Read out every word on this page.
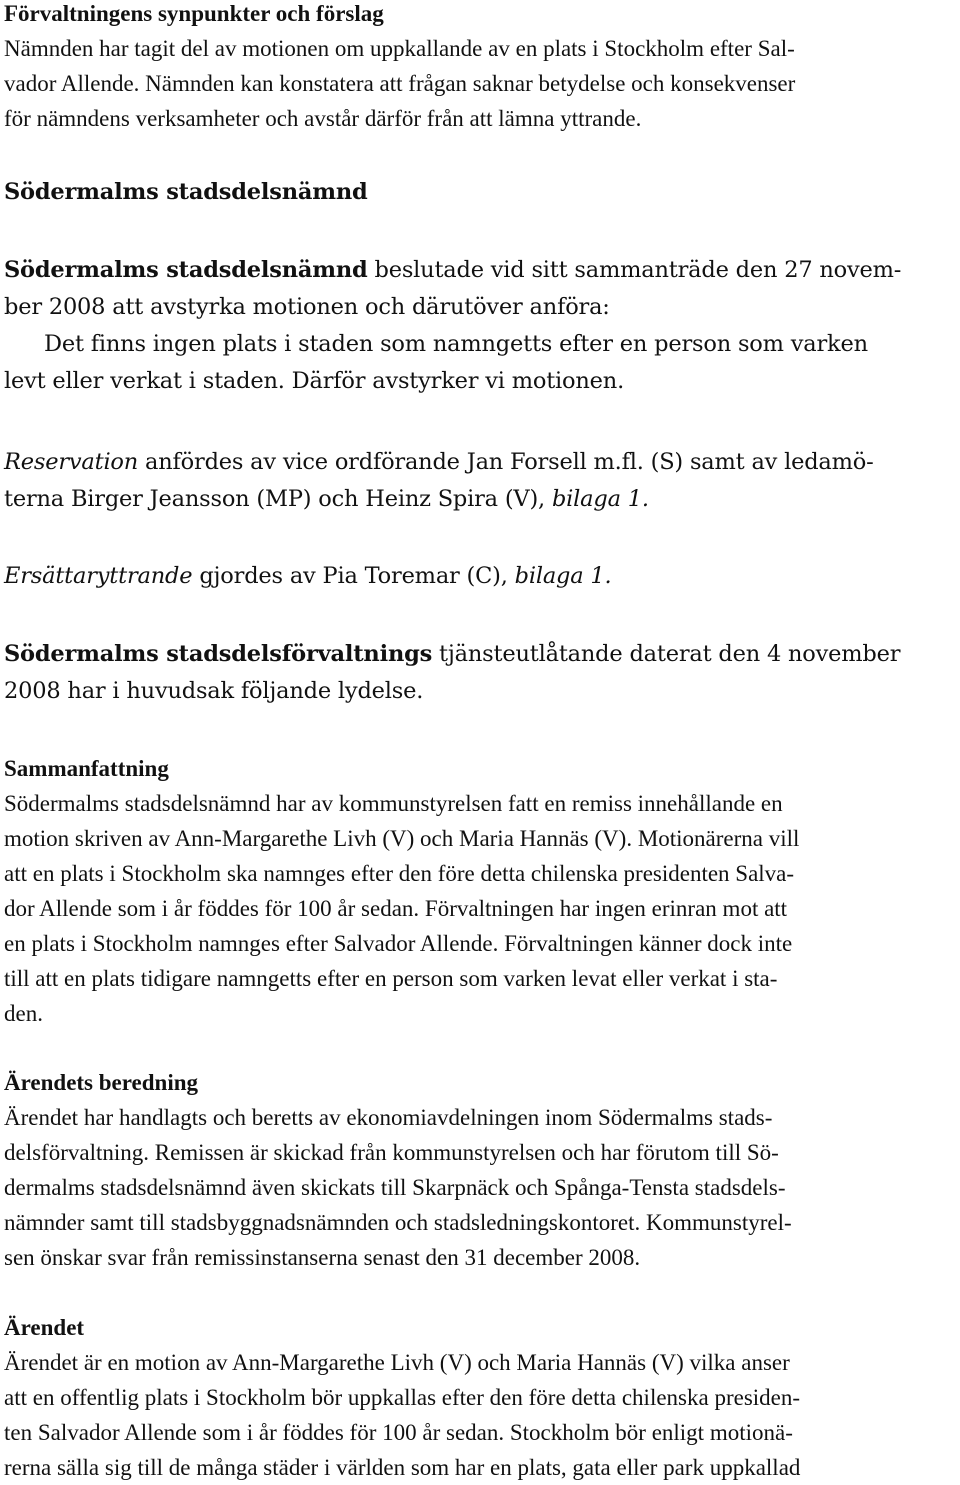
Förvaltningens synpunkter och förslag

Nämnden har tagit del av motionen om uppkallande av en plats i Stockholm efter Sal-

vador Allende. Nämnden kan konstatera att frågan saknar betydelse och konsekvenser

för nämndens verksamheter och avstår därför från att lämna yttrande.

Södermalms stadsdelsnämnd

Södermalms stadsdelsnämnd beslutade vid sitt sammanträde den 27 novem-

ber 2008 att avstyrka motionen och därutöver anföra:

Det finns ingen plats i staden som namngetts efter en person som varken

levt eller verkat i staden. Därför avstyrker vi motionen.

Reservation anfördes av vice ordförande Jan Forsell m.fl. (S) samt av ledamö-

terna Birger Jeansson (MP) och Heinz Spira (V), bilaga 1.

Ersättaryttrande gjordes av Pia Toremar (C), bilaga 1.

Södermalms stadsdelsförvaltnings tjänsteutlåtande daterat den 4 november

2008 har i huvudsak följande lydelse.

Sammanfattning

Södermalms stadsdelsnämnd har av kommunstyrelsen fatt en remiss innehållande en

motion skriven av Ann-Margarethe Livh (V) och Maria Hannäs (V). Motionärerna vill

att en plats i Stockholm ska namnges efter den före detta chilenska presidenten Salva-

dor Allende som i år föddes för 100 år sedan. Förvaltningen har ingen erinran mot att

en plats i Stockholm namnges efter Salvador Allende. Förvaltningen känner dock inte

till att en plats tidigare namngetts efter en person som varken levat eller verkat i sta-

den.

Ärendets beredning

Ärendet har handlagts och beretts av ekonomiavdelningen inom Södermalms stads-

delsförvaltning. Remissen är skickad från kommunstyrelsen och har förutom till Sö-

dermalms stadsdelsnämnd även skickats till Skarpnäck och Spånga-Tensta stadsdels-

nämnder samt till stadsbyggnadsnämnden och stadsledningskontoret. Kommunstyrel-

sen önskar svar från remissinstanserna senast den 31 december 2008.

Ärendet

Ärendet är en motion av Ann-Margarethe Livh (V) och Maria Hannäs (V) vilka anser

att en offentlig plats i Stockholm bör uppkallas efter den före detta chilenska presiden-

ten Salvador Allende som i år föddes för 100 år sedan. Stockholm bör enligt motionä-

rerna sälla sig till de många städer i världen som har en plats, gata eller park uppkallad
